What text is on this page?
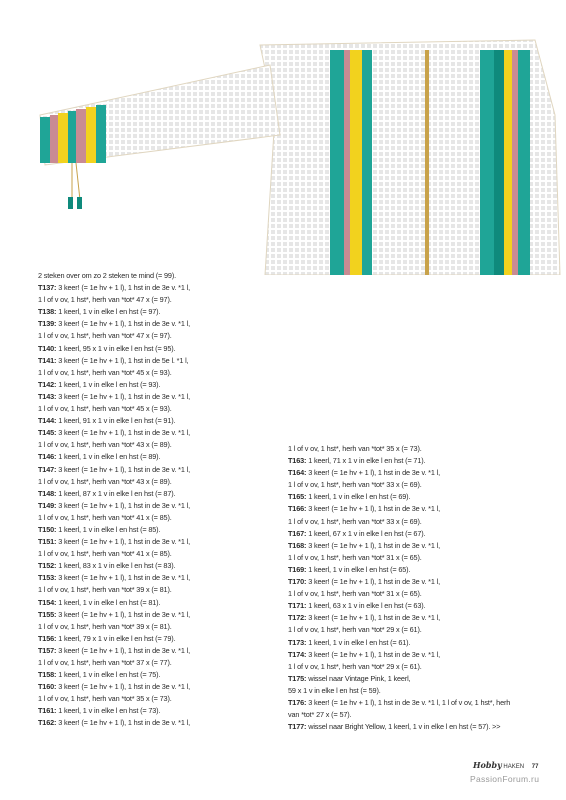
2 steken over om zo 2 steken te mind (= 99).
T137: 3 keer! (= 1e hv + 1 l), 1 hst in de 3e v. *1 l,
1 l of v ov, 1 hst*, herh van *tot* 47 x (= 97).
T138: 1 keerl, 1 v in elke l en hst (= 97).
T139: 3 keer! (= 1e hv + 1 l), 1 hst in de 3e v. *1 l,
1 l of v ov, 1 hst*, herh van *tot* 47 x (= 97).
T140: 1 keerl, 95 x 1 v in elke l en hst (= 95).
T141: 3 keer! (= 1e hv + 1 l), 1 hst in de 5e l. *1 l,
1 l of v ov, 1 hst*, herh van *tot* 45 x (= 93).
T142: 1 keerl, 1 v in elke l en hst (= 93).
T143: 3 keer! (= 1e hv + 1 l), 1 hst in de 3e v. *1 l,
1 l of v ov, 1 hst*, herh van *tot* 45 x (= 93).
T144: 1 keerl, 91 x 1 v in elke l en hst (= 91).
T145: 3 keer! (= 1e hv + 1 l), 1 hst in de 3e v. *1 l,
1 l of v ov, 1 hst*, herh van *tot* 43 x (= 89).
T146: 1 keerl, 1 v in elke l en hst (= 89).
T147: 3 keer! (= 1e hv + 1 l), 1 hst in de 3e v. *1 l,
1 l of v ov, 1 hst*, herh van *tot* 43 x (= 89).
T148: 1 keerl, 87 x 1 v in elke l en hst (= 87).
T149: 3 keer! (= 1e hv + 1 l), 1 hst in de 3e v. *1 l,
1 l of v ov, 1 hst*, herh van *tot* 41 x (= 85).
T150: 1 keerl, 1 v in elke l en hst (= 85).
T151: 3 keer! (= 1e hv + 1 l), 1 hst in de 3e v. *1 l,
1 l of v ov, 1 hst*, herh van *tot* 41 x (= 85).
T152: 1 keerl, 83 x 1 v in elke l en hst (= 83).
T153: 3 keer! (= 1e hv + 1 l), 1 hst in de 3e v. *1 l,
1 l of v ov, 1 hst*, herh van *tot* 39 x (= 81).
T154: 1 keerl, 1 v in elke l en hst (= 81).
T155: 3 keer! (= 1e hv + 1 l), 1 hst in de 3e v. *1 l,
1 l of v ov, 1 hst*, herh van *tot* 39 x (= 81).
T156: 1 keerl, 79 x 1 v in elke l en hst (= 79).
T157: 3 keer! (= 1e hv + 1 l), 1 hst in de 3e v. *1 l,
1 l of v ov, 1 hst*, herh van *tot* 37 x (= 77).
T158: 1 keerl, 1 v in elke l en hst (= 75).
T160: 3 keer! (= 1e hv + 1 l), 1 hst in de 3e v. *1 l,
1 l of v ov, 1 hst*, herh van *tot* 35 x (= 73).
T161: 1 keerl, 1 v in elke l en hst (= 73).
T162: 3 keer! (= 1e hv + 1 l), 1 hst in de 3e v. *1 l,
1 l of v ov, 1 hst*, herh van *tot* 35 x (= 73).
T163: 1 keerl, 71 x 1 v in elke l en hst (= 71).
T164: 3 keer! (= 1e hv + 1 l), 1 hst in de 3e v. *1 l,
1 l of v ov, 1 hst*, herh van *tot* 33 x (= 69).
T165: 1 keerl, 1 v in elke l en hst (= 69).
T166: 3 keer! (= 1e hv + 1 l), 1 hst in de 3e v. *1 l,
1 l of v ov, 1 hst*, herh van *tot* 33 x (= 69).
T167: 1 keerl, 67 x 1 v in elke l en hst (= 67).
T168: 3 keer! (= 1e hv + 1 l), 1 hst in de 3e v. *1 l,
1 l of v ov, 1 hst*, herh van *tot* 31 x (= 65).
T169: 1 keerl, 1 v in elke l en hst (= 65).
T170: 3 keer! (= 1e hv + 1 l), 1 hst in de 3e v. *1 l,
1 l of v ov, 1 hst*, herh van *tot* 31 x (= 65).
T171: 1 keerl, 63 x 1 v in elke l en hst (= 63).
T172: 3 keer! (= 1e hv + 1 l), 1 hst in de 3e v. *1 l,
1 l of v ov, 1 hst*, herh van *tot* 29 x (= 61).
T173: 1 keerl, 1 v in elke l en hst (= 61).
T174: 3 keer! (= 1e hv + 1 l), 1 hst in de 3e v. *1 l,
1 l of v ov, 1 hst*, herh van *tot* 29 x (= 61).
T175: wissel naar Vintage Pink, 1 keerl,
59 x 1 v in elke l en hst (= 59).
T176: 3 keer! (= 1e hv + 1 l), 1 hst in de 3e v. *1 l, 1 l of v ov, 1 hst*, herh
van *tot* 27 x (= 57).
T177: wissel naar Bright Yellow, 1 keerl, 1 v in elke l en hst (= 57). >>
Hobby HAKEN 77
PassionForum.ru
